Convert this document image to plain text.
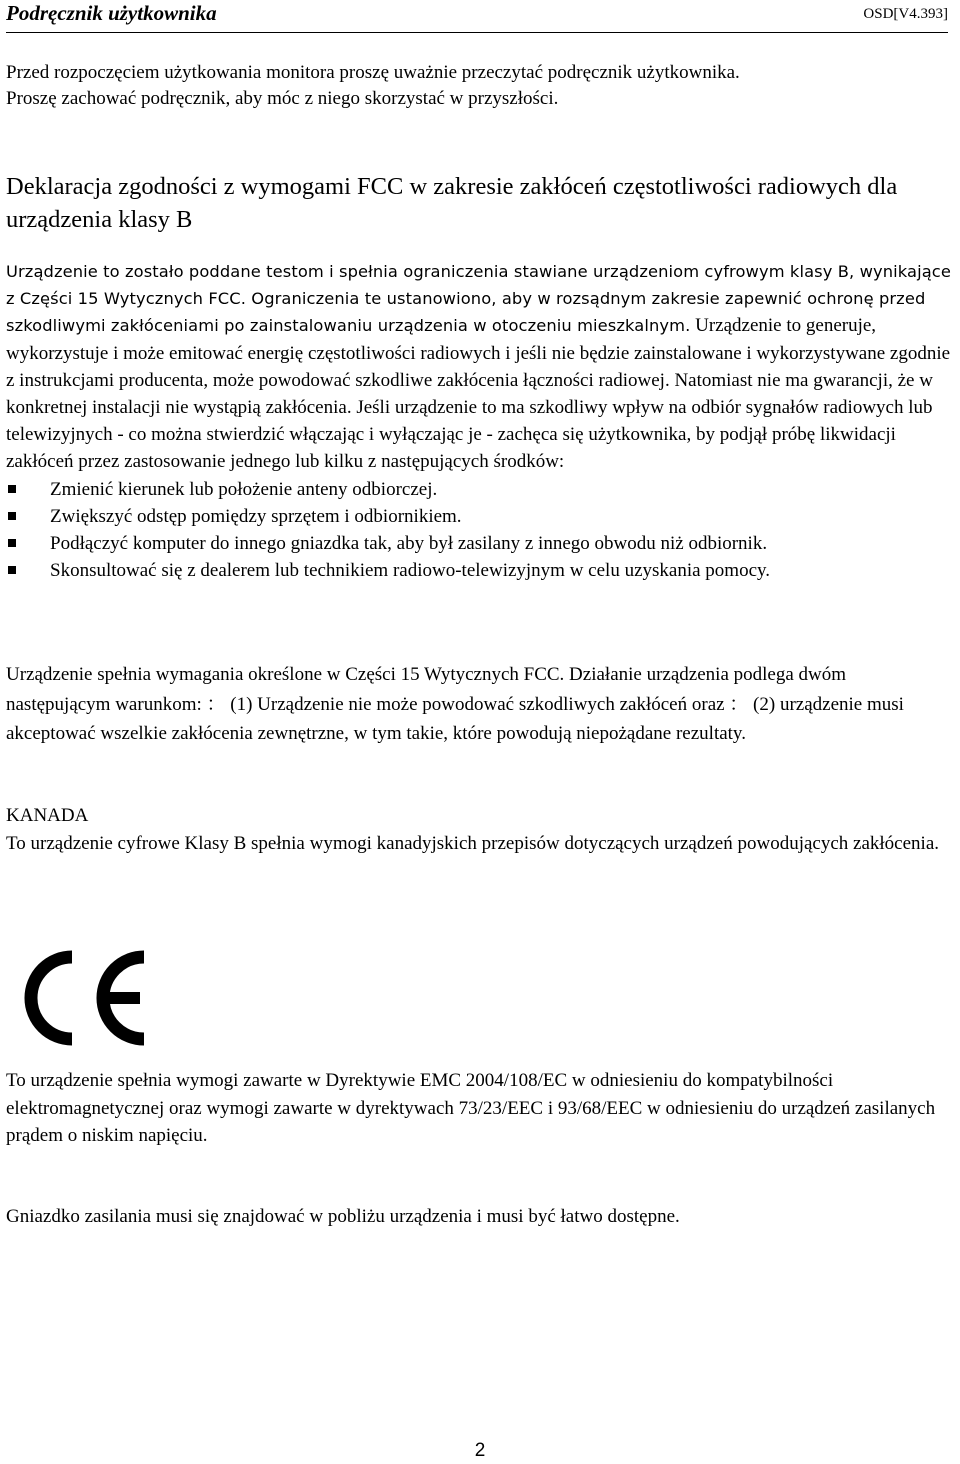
Podręcznik użytkownika	OSD[V4.393]
Przed rozpoczęciem użytkowania monitora proszę uważnie przeczytać podręcznik użytkownika.
Proszę zachować podręcznik, aby móc z niego skorzystać w przyszłości.
Deklaracja zgodności z wymogami FCC w zakresie zakłóceń częstotliwości radiowych dla urządzenia klasy B
Urządzenie to zostało poddane testom i spełnia ograniczenia stawiane urządzeniom cyfrowym klasy B, wynikające z Części 15 Wytycznych FCC. Ograniczenia te ustanowiono, aby w rozsądnym zakresie zapewnić ochronę przed szkodliwymi zakłóceniami po zainstalowaniu urządzenia w otoczeniu mieszkalnym. Urządzenie to generuje, wykorzystuje i może emitować energię częstotliwości radiowych i jeśli nie będzie zainstalowane i wykorzystywane zgodnie z instrukcjami producenta, może powodować szkodliwe zakłócenia łączności radiowej. Natomiast nie ma gwarancji, że w konkretnej instalacji nie wystąpią zakłócenia. Jeśli urządzenie to ma szkodliwy wpływ na odbiór sygnałów radiowych lub telewizyjnych - co można stwierdzić włączając i wyłączając je - zachęca się użytkownika, by podjął próbę likwidacji zakłóceń przez zastosowanie jednego lub kilku z następujących środków:
Zmienić kierunek lub położenie anteny odbiorczej.
Zwiększyć odstęp pomiędzy sprzętem i odbiornikiem.
Podłączyć komputer do innego gniazdka tak, aby był zasilany z innego obwodu niż odbiornik.
Skonsultować się z dealerem lub technikiem radiowo-telewizyjnym w celu uzyskania pomocy.
Urządzenie spełnia wymagania określone w Części 15 Wytycznych FCC. Działanie urządzenia podlega dwóm następującym warunkom: ： (1) Urządzenie nie może powodować szkodliwych zakłóceń oraz ： (2) urządzenie musi akceptować wszelkie zakłócenia zewnętrzne, w tym takie, które powodują niepożądane rezultaty.
KANADA
To urządzenie cyfrowe Klasy B spełnia wymogi kanadyjskich przepisów dotyczących urządzeń powodujących zakłócenia.
To urządzenie spełnia wymogi zawarte w Dyrektywie EMC 2004/108/EC w odniesieniu do kompatybilności elektromagnetycznej oraz wymogi zawarte w dyrektywach 73/23/EEC i 93/68/EEC w odniesieniu do urządzeń zasilanych prądem o niskim napięciu.
Gniazdko zasilania musi się znajdować w pobliżu urządzenia i musi być łatwo dostępne.
2
